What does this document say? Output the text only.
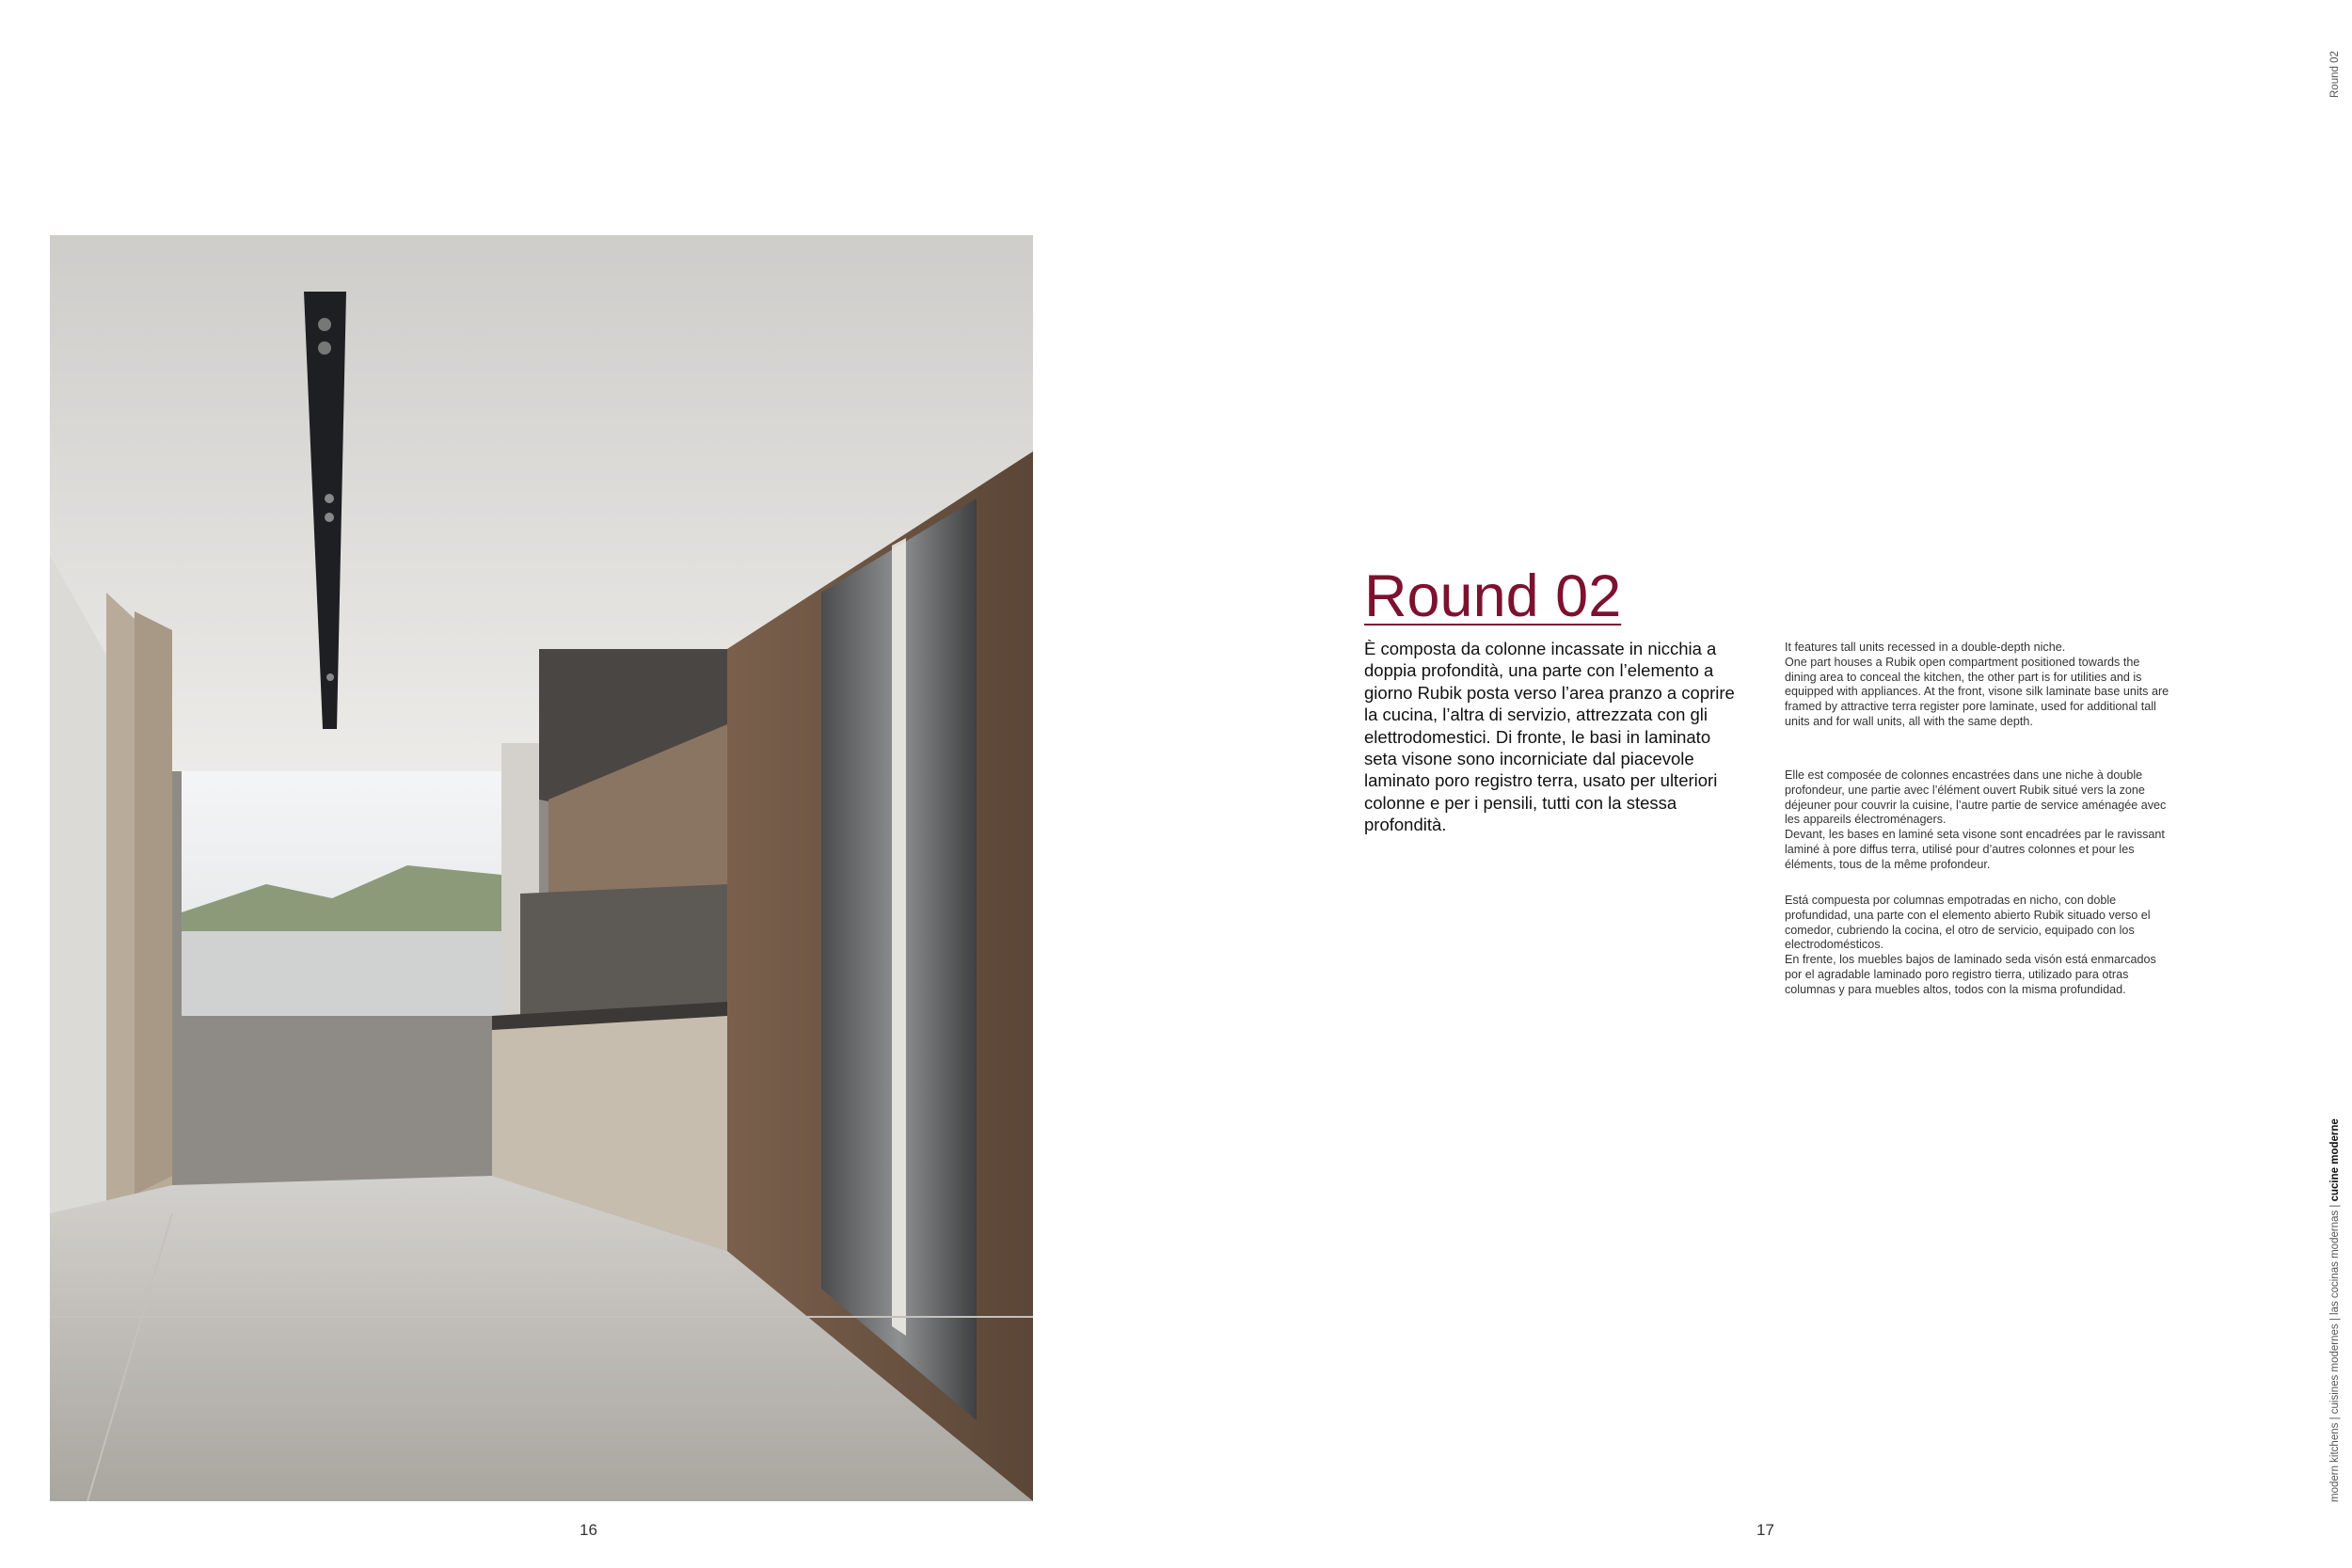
Round 02
Round 02

È composta da colonne incassate in nicchia a doppia profondità, una parte con l’elemento a giorno Rubik posta verso l’area pranzo a coprire la cucina, l’altra di servizio, attrezzata con gli elettrodomestici. Di fronte, le basi in laminato seta visone sono incorniciate dal piacevole laminato poro registro terra, usato per ulteriori colonne e per i pensili, tutti con la stessa profondità.

It features tall units recessed in a double-depth niche.
One part houses a Rubik open compartment positioned towards the dining area to conceal the kitchen, the other part is for utilities and is equipped with appliances. At the front, visone silk laminate base units are framed by attractive terra register pore laminate, used for additional tall units and for wall units, all with the same depth.

Elle est composée de colonnes encastrées dans une niche à double profondeur, une partie avec l’élément ouvert Rubik situé vers la zone déjeuner pour couvrir la cuisine, l’autre partie de service aménagée avec les appareils électroménagers.
Devant, les bases en laminé seta visone sont encadrées par le ravissant laminé à pore diffus terra, utilisé pour d’autres colonnes et pour les éléments, tous de la même profondeur.

Está compuesta por columnas empotradas en nicho, con doble profundidad, una parte con el elemento abierto Rubik situado verso el comedor, cubriendo la cocina, el otro de servicio, equipado con los electrodomésticos.
En frente, los muebles bajos de laminado seda visón está enmarcados por el agradable laminado poro registro tierra, utilizado para otras columnas y para muebles altos, todos con la misma profundidad.

16	17
modern kitchens | cuisines modernes | las cocinas modernas | cucine moderne
